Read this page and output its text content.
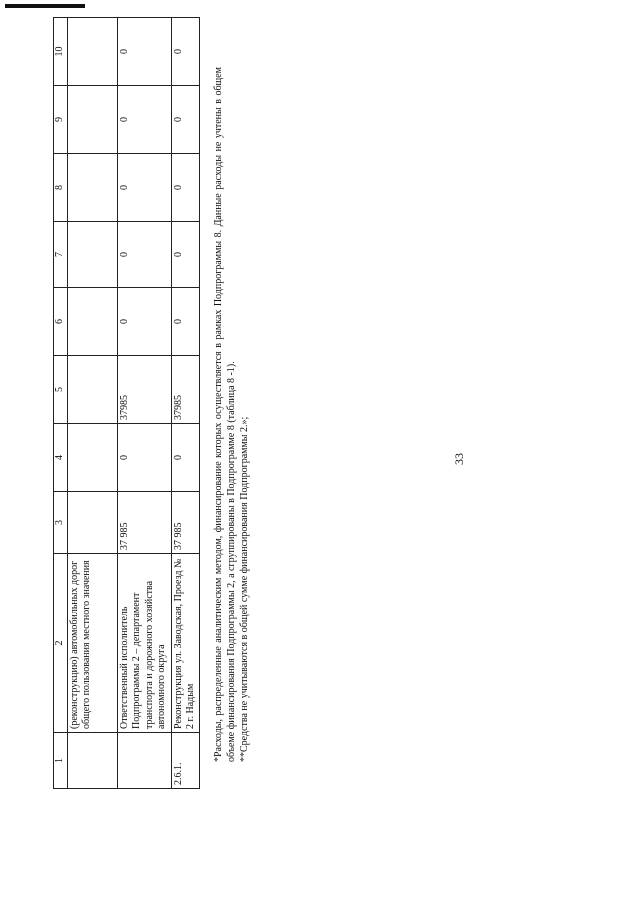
1	2	3	4	5	6	7	8	9	10
	(реконструкцию) автомобильных дорог общего пользования местного значения								
	Ответственный исполнитель Подпрограммы 2 – департамент транспорта и дорожного хозяйства автономного округа	37 985	0	37985	0	0	0	0	0
2.6.1.	Реконструкция ул. Заводская, Проезд № 2 г. Надым	37 985	0	37985	0	0	0	0	0

*Расходы, распределенные аналитическим методом, финансирование которых осуществляется в рамках Подпрограммы 8. Данные расходы не учтены в общем объеме финансирования Подпрограммы 2, а сгруппированы в Подпрограмме 8 (таблица 8 -1). **Средства не учитываются в общей сумме финансирования Подпрограммы 2.»;	33
